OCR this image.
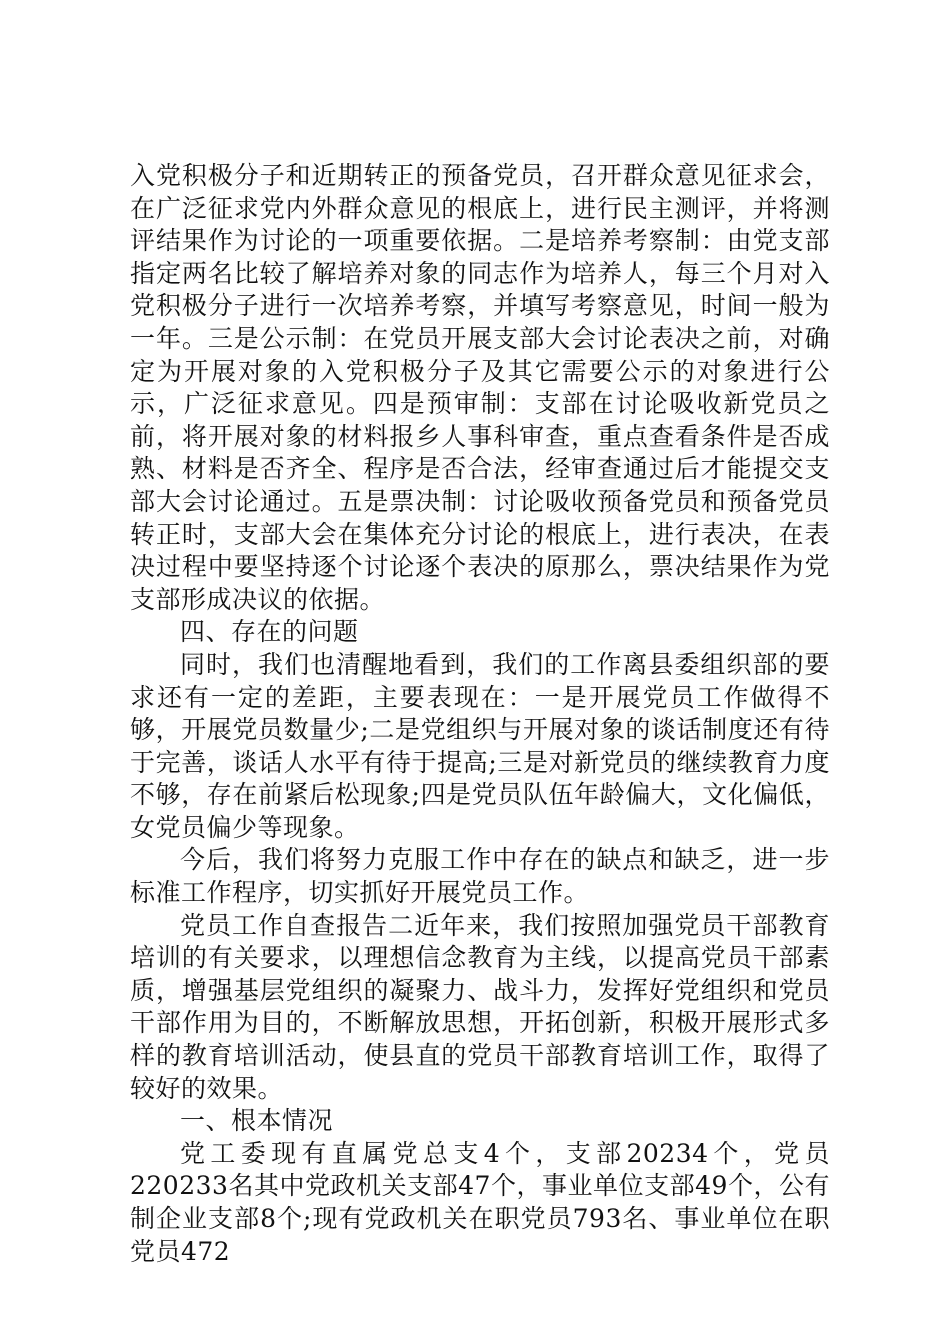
入党积极分子和近期转正的预备党员，召开群众意见征求会，在广泛征求党内外群众意见的根底上，进行民主测评，并将测评结果作为讨论的一项重要依据。二是培养考察制：由党支部指定两名比较了解培养对象的同志作为培养人，每三个月对入党积极分子进行一次培养考察，并填写考察意见，时间一般为一年。三是公示制：在党员开展支部大会讨论表决之前，对确定为开展对象的入党积极分子及其它需要公示的对象进行公示，广泛征求意见。四是预审制：支部在讨论吸收新党员之前，将开展对象的材料报乡人事科审查，重点查看条件是否成熟、材料是否齐全、程序是否合法，经审查通过后才能提交支部大会讨论通过。五是票决制：讨论吸收预备党员和预备党员转正时，支部大会在集体充分讨论的根底上，进行表决，在表决过程中要坚持逐个讨论逐个表决的原那么，票决结果作为党支部形成决议的依据。

四、存在的问题

同时，我们也清醒地看到，我们的工作离县委组织部的要求还有一定的差距，主要表现在：一是开展党员工作做得不够，开展党员数量少;二是党组织与开展对象的谈话制度还有待于完善，谈话人水平有待于提高;三是对新党员的继续教育力度不够，存在前紧后松现象;四是党员队伍年龄偏大，文化偏低，女党员偏少等现象。

今后，我们将努力克服工作中存在的缺点和缺乏，进一步标准工作程序，切实抓好开展党员工作。

党员工作自查报告二近年来，我们按照加强党员干部教育培训的有关要求，以理想信念教育为主线，以提高党员干部素质，增强基层党组织的凝聚力、战斗力，发挥好党组织和党员干部作用为目的，不断解放思想，开拓创新，积极开展形式多样的教育培训活动，使县直的党员干部教育培训工作，取得了较好的效果。

一、根本情况

党工委现有直属党总支4个，支部20234个，党员220233名其中党政机关支部47个，事业单位支部49个，公有制企业支部8个;现有党政机关在职党员793名、事业单位在职党员472
